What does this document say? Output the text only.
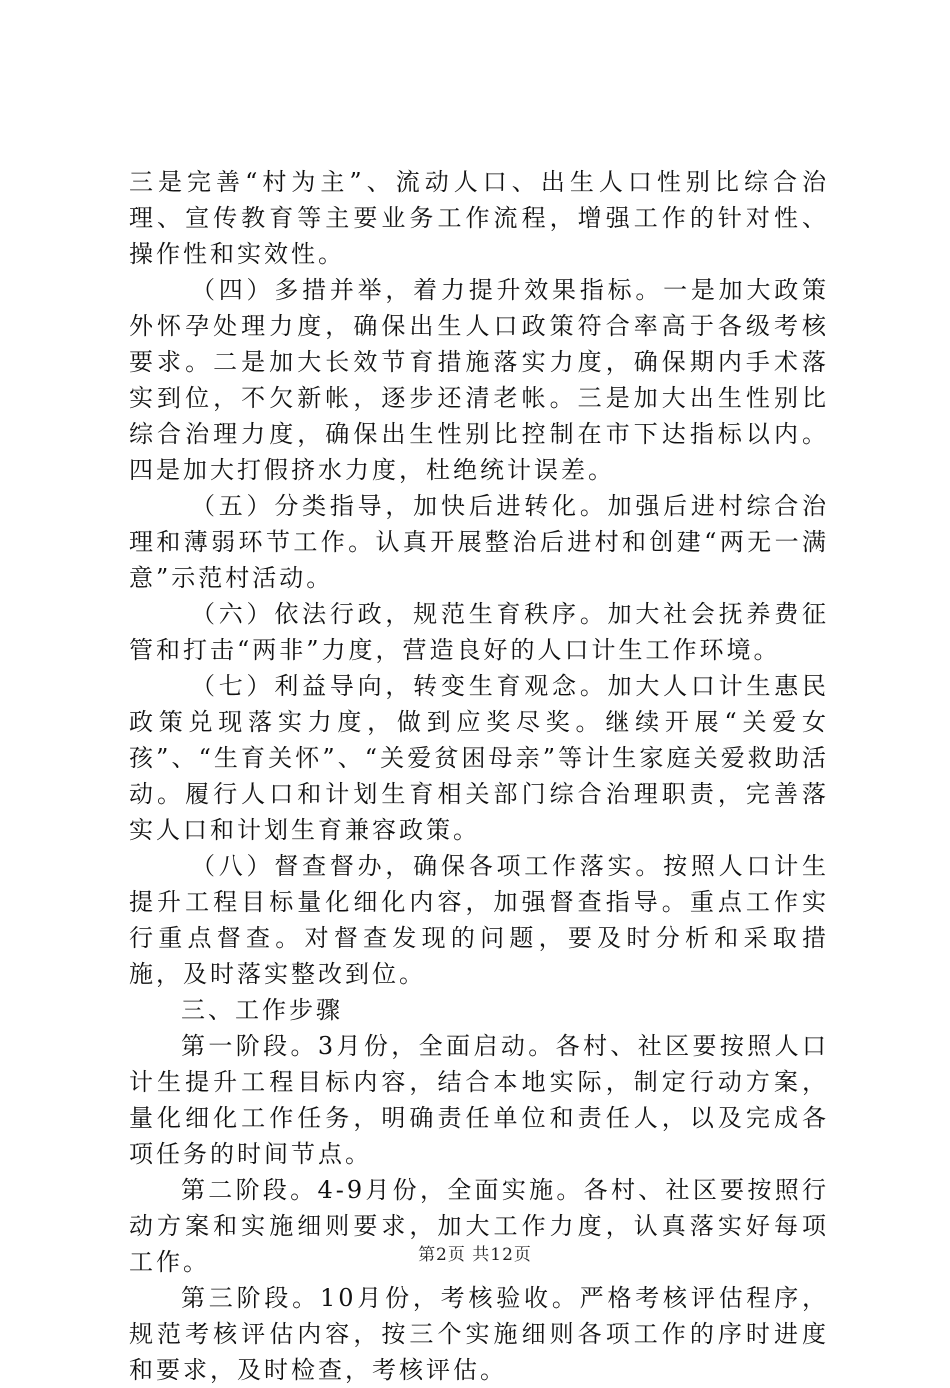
三是完善“村为主”、流动人口、出生人口性别比综合治理、宣传教育等主要业务工作流程，增强工作的针对性、操作性和实效性。

（四）多措并举，着力提升效果指标。一是加大政策外怀孕处理力度，确保出生人口政策符合率高于各级考核要求。二是加大长效节育措施落实力度，确保期内手术落实到位，不欠新帐，逐步还清老帐。三是加大出生性别比综合治理力度，确保出生性别比控制在市下达指标以内。四是加大打假挤水力度，杜绝统计误差。

（五）分类指导，加快后进转化。加强后进村综合治理和薄弱环节工作。认真开展整治后进村和创建“两无一满意”示范村活动。

（六）依法行政，规范生育秩序。加大社会抚养费征管和打击“两非”力度，营造良好的人口计生工作环境。

（七）利益导向，转变生育观念。加大人口计生惠民政策兑现落实力度，做到应奖尽奖。继续开展“关爱女孩”、“生育关怀”、“关爱贫困母亲”等计生家庭关爱救助活动。履行人口和计划生育相关部门综合治理职责，完善落实人口和计划生育兼容政策。

（八）督查督办，确保各项工作落实。按照人口计生提升工程目标量化细化内容，加强督查指导。重点工作实行重点督查。对督查发现的问题，要及时分析和采取措施，及时落实整改到位。

三、工作步骤

第一阶段。3月份，全面启动。各村、社区要按照人口计生提升工程目标内容，结合本地实际，制定行动方案，量化细化工作任务，明确责任单位和责任人，以及完成各项任务的时间节点。

第二阶段。4-9月份，全面实施。各村、社区要按照行动方案和实施细则要求，加大工作力度，认真落实好每项工作。

第三阶段。10月份，考核验收。严格考核评估程序，规范考核评估内容，按三个实施细则各项工作的序时进度和要求，及时检查，考核评估。

第2页 共12页
